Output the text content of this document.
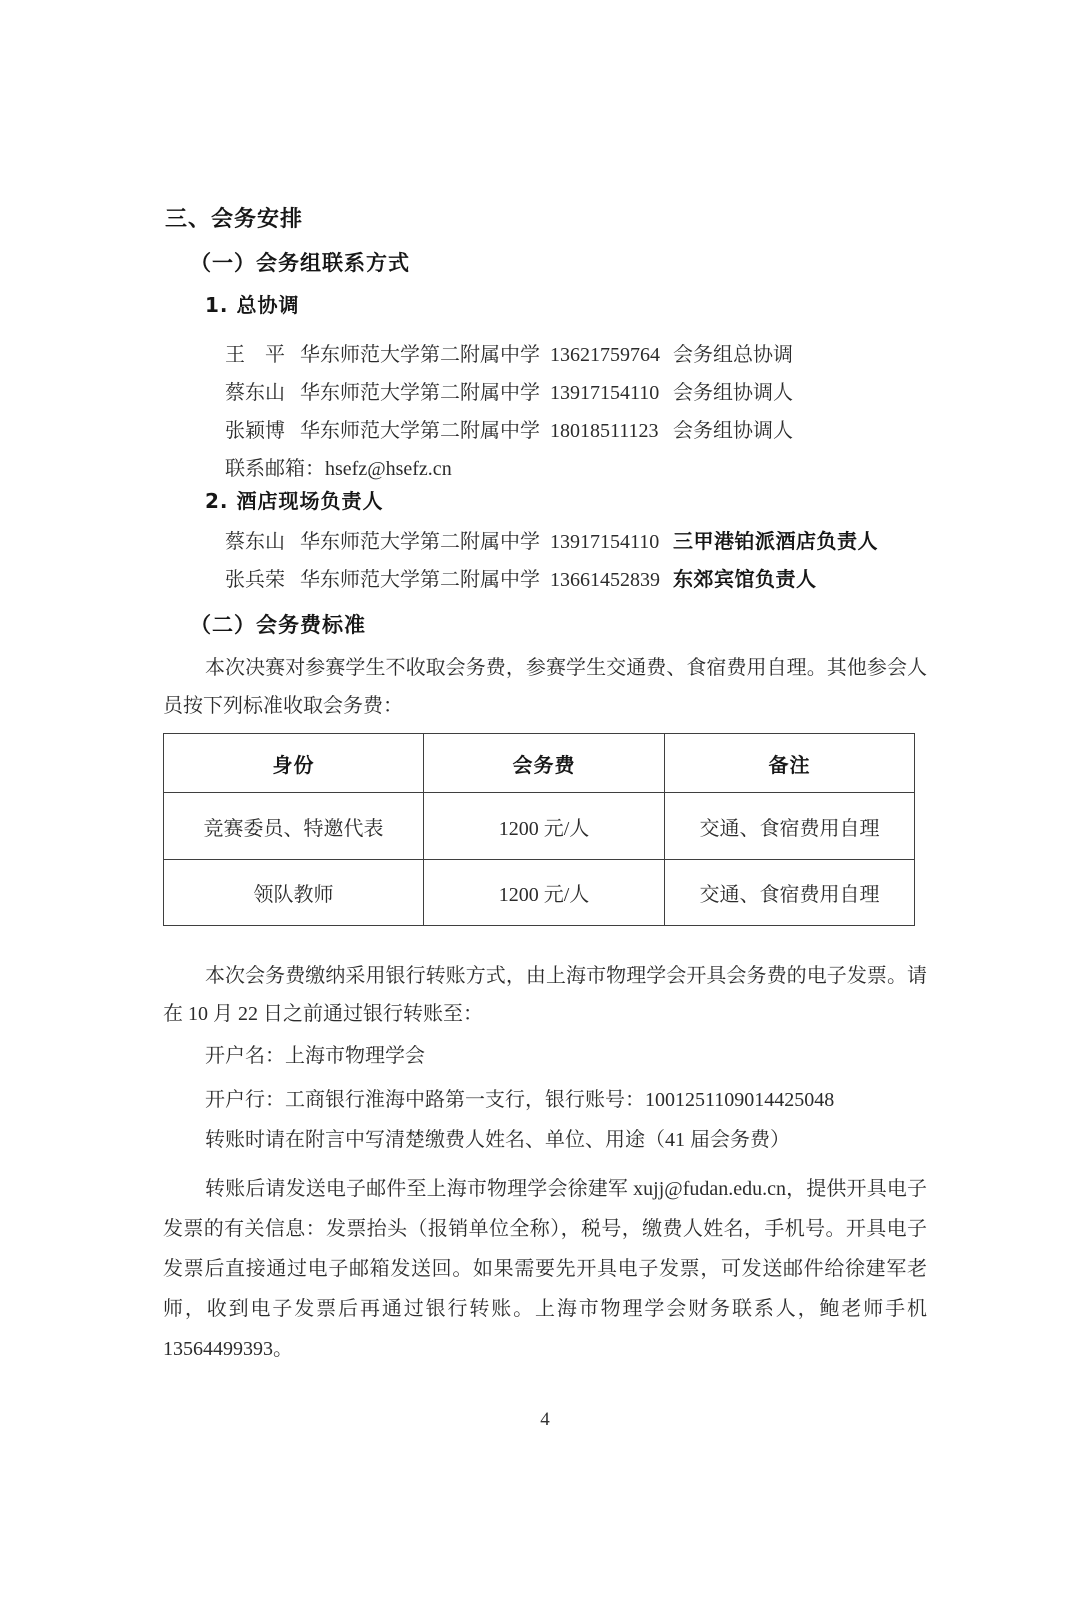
三、会务安排
（一）会务组联系方式
1. 总协调
王　平 华东师范大学第二附属中学 13621759764 会务组总协调
蔡东山 华东师范大学第二附属中学 13917154110 会务组协调人
张颖博 华东师范大学第二附属中学 18018511123 会务组协调人
联系邮箱：hsefz@hsefz.cn
2. 酒店现场负责人
蔡东山 华东师范大学第二附属中学 13917154110 三甲港铂派酒店负责人
张兵荣 华东师范大学第二附属中学 13661452839 东郊宾馆负责人
（二）会务费标准
本次决赛对参赛学生不收取会务费，参赛学生交通费、食宿费用自理。其他参会人员按下列标准收取会务费：
身份	会务费	备注
竞赛委员、特邀代表	1200 元/人	交通、食宿费用自理
领队教师	1200 元/人	交通、食宿费用自理
本次会务费缴纳采用银行转账方式，由上海市物理学会开具会务费的电子发票。请在 10 月 22 日之前通过银行转账至：
开户名：上海市物理学会
开户行：工商银行淮海中路第一支行，银行账号：1001251109014425048
转账时请在附言中写清楚缴费人姓名、单位、用途（41 届会务费）
转账后请发送电子邮件至上海市物理学会徐建军 xujj@fudan.edu.cn，提供开具电子发票的有关信息：发票抬头（报销单位全称），税号，缴费人姓名，手机号。开具电子发票后直接通过电子邮箱发送回。如果需要先开具电子发票，可发送邮件给徐建军老师，收到电子发票后再通过银行转账。上海市物理学会财务联系人，鲍老师手机 13564499393。
4
